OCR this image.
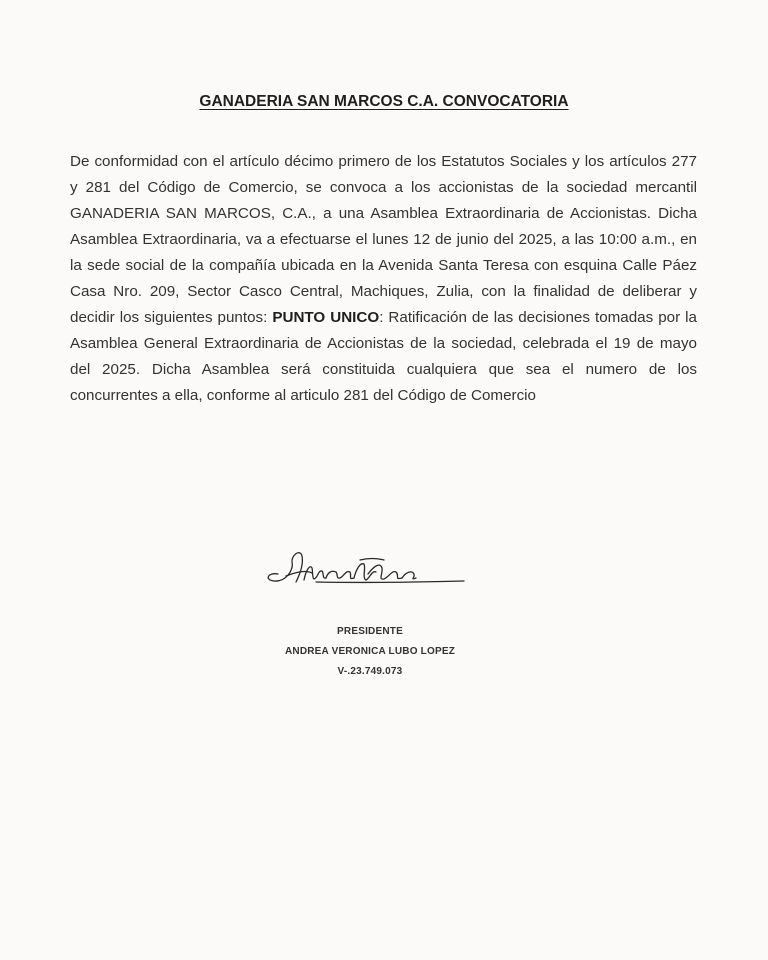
GANADERIA SAN MARCOS C.A. CONVOCATORIA
De conformidad con el artículo décimo primero de los Estatutos Sociales y los artículos 277 y 281 del Código de Comercio, se convoca a los accionistas de la sociedad mercantil GANADERIA SAN MARCOS, C.A., a una Asamblea Extraordinaria de Accionistas. Dicha Asamblea Extraordinaria, va a efectuarse el lunes 12 de junio del 2025, a las 10:00 a.m., en la sede social de la compañía ubicada en la Avenida Santa Teresa con esquina Calle Páez Casa Nro. 209, Sector Casco Central, Machiques, Zulia, con la finalidad de deliberar y decidir los siguientes puntos: PUNTO UNICO: Ratificación de las decisiones tomadas por la Asamblea General Extraordinaria de Accionistas de la sociedad, celebrada el 19 de mayo del 2025. Dicha Asamblea será constituida cualquiera que sea el numero de los concurrentes a ella, conforme al articulo 281 del Código de Comercio
Andrea Lubo
PRESIDENTE
ANDREA VERONICA LUBO LOPEZ
V-.23.749.073
